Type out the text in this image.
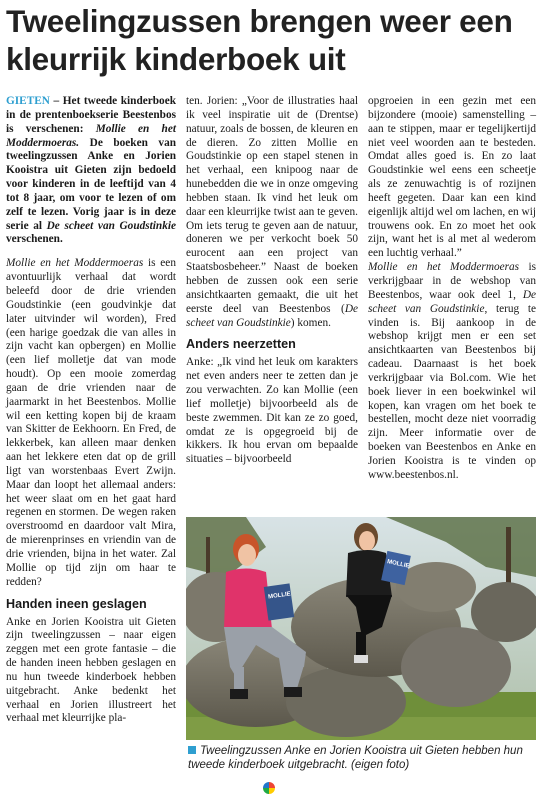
Tweelingzussen brengen weer een kleurrijk kinderboek uit

GIETEN – Het tweede kinderboek in de prentenboekserie Beestenbos is verschenen: Mollie en het Moddermoeras. De boeken van tweelingzussen Anke en Jorien Kooistra uit Gieten zijn bedoeld voor kinderen in de leeftijd van 4 tot 8 jaar, om voor te lezen of om zelf te lezen. Vorig jaar is in deze serie al De scheet van Goudstinkie verschenen.

Mollie en het Moddermoeras is een avontuurlijk verhaal dat wordt beleefd door de drie vrienden Goudstinkie (een goudvinkje dat later uitvinder wil worden), Fred (een harige goedzak die van alles in zijn vacht kan opbergen) en Mollie (een lief molletje dat van mode houdt). Op een mooie zomerdag gaan de drie vrienden naar de jaarmarkt in het Beestenbos. Mollie wil een ketting kopen bij de kraam van Skitter de Eekhoorn. En Fred, de lekkerbek, kan alleen maar denken aan het lekkere eten dat op de grill ligt van worstenbaas Evert Zwijn. Maar dan loopt het allemaal anders: het weer slaat om en het gaat hard regenen en stormen. De wegen raken overstroomd en daardoor valt Mira, de mierenprinses en vriendin van de drie vrienden, bijna in het water. Zal Mollie op tijd zijn om haar te redden?

Handen ineen geslagen

Anke en Jorien Kooistra uit Gieten zijn tweelingzussen – naar eigen zeggen met een grote fantasie – die de handen ineen hebben geslagen en nu hun tweede kinderboek hebben uitgebracht. Anke bedenkt het verhaal en Jorien illustreert het verhaal met kleurrijke pla-

ten. Jorien: „Voor de illustraties haal ik veel inspiratie uit de (Drentse) natuur, zoals de bossen, de kleuren en de dieren. Zo zitten Mollie en Goudstinkie op een stapel stenen in het verhaal, een knipoog naar de hunebedden die we in onze omgeving hebben staan. Ik vind het leuk om daar een kleurrijke twist aan te geven. Om iets terug te geven aan de natuur, doneren we per verkocht boek 50 eurocent aan een project van Staatsbosbeheer.” Naast de boeken hebben de zussen ook een serie ansichtkaarten gemaakt, die uit het eerste deel van Beestenbos (De scheet van Goudstinkie) komen.

Anders neerzetten

Anke: „Ik vind het leuk om karakters net even anders neer te zetten dan je zou verwachten. Zo kan Mollie (een lief molletje) bijvoorbeeld als de beste zwemmen. Dit kan ze zo goed, omdat ze is opgegroeid bij de kikkers. Ik hou ervan om bepaalde situaties – bijvoorbeeld

opgroeien in een gezin met een bijzondere (mooie) samenstelling – aan te stippen, maar er tegelijkertijd niet veel woorden aan te besteden. Omdat alles goed is. En zo laat Goudstinkie wel eens een scheetje als ze zenuwachtig is of rozijnen heeft gegeten. Daar kan een kind eigenlijk altijd wel om lachen, en wij trouwens ook. En zo moet het ook zijn, want het is al met al wederom een luchtig verhaal.”

Mollie en het Moddermoeras is verkrijgbaar in de webshop van Beestenbos, waar ook deel 1, De scheet van Goudstinkie, terug te vinden is. Bij aankoop in de webshop krijgt men er een set ansichtkaarten van Beestenbos bij cadeau. Daarnaast is het boek verkrijgbaar via Bol.com. Wie het boek liever in een boekwinkel wil kopen, kan vragen om het boek te bestellen, mocht deze niet voorradig zijn. Meer informatie over de boeken van Beestenbos en Anke en Jorien Kooistra is te vinden op www.beestenbos.nl.

MOLLIE
MOLLIE
Tweelingzussen Anke en Jorien Kooistra uit Gieten hebben hun tweede kinderboek uitgebracht. (eigen foto)
